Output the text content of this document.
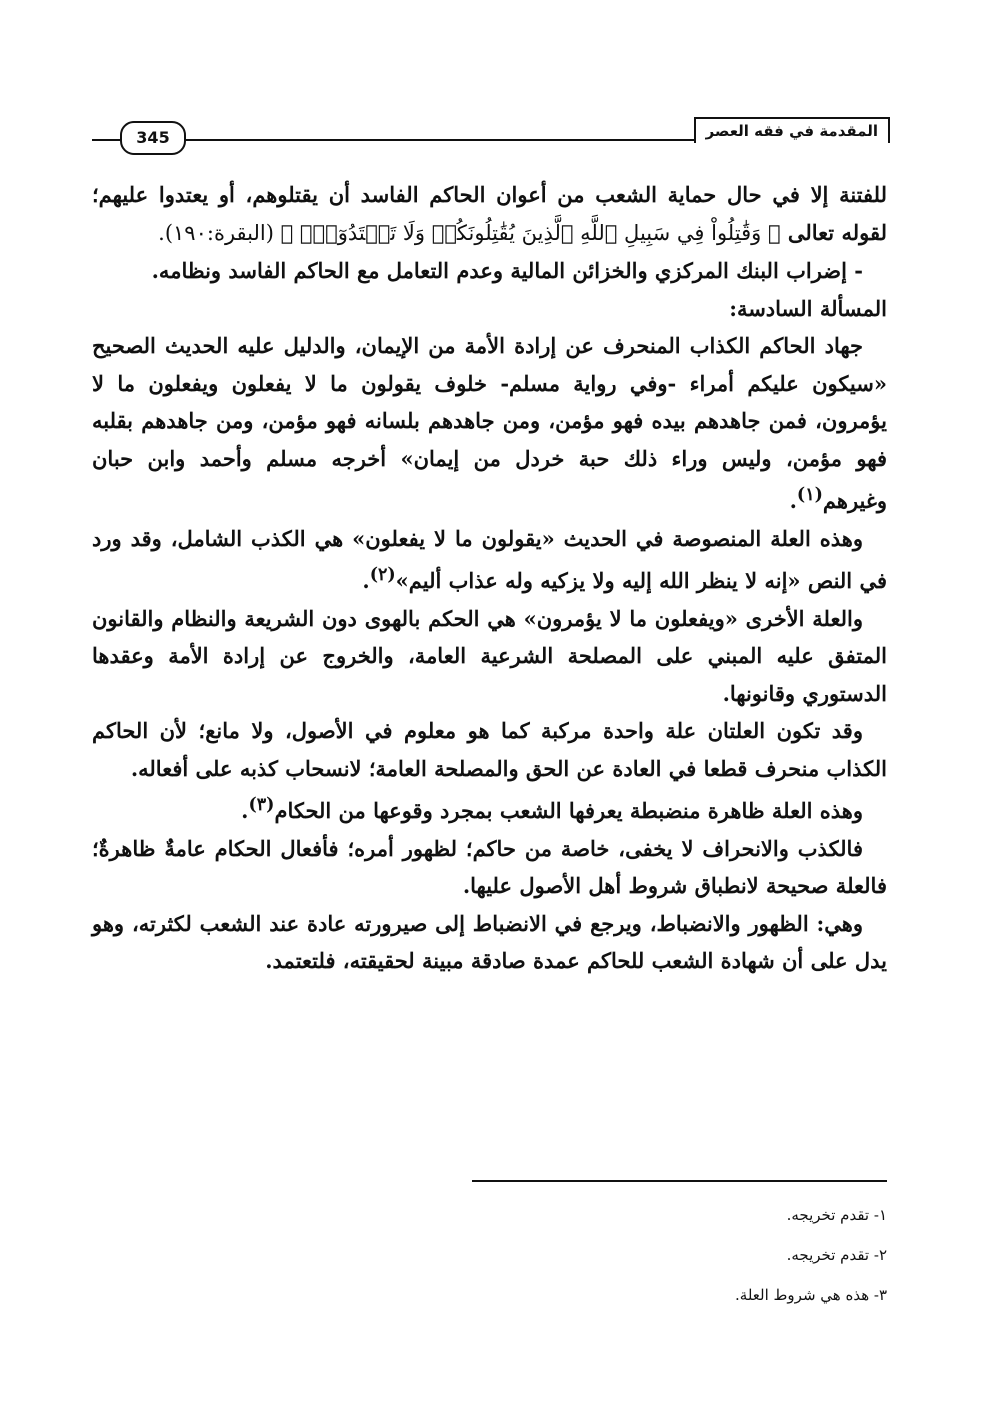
المقدمة في فقه العصر
345

للفتنة إلا في حال حماية الشعب من أعوان الحاكم الفاسد أن يقتلوهم، أو يعتدوا عليهم؛ لقوله تعالى ﴿ وَقَٰتِلُواْ فِي سَبِيلِ ٱللَّهِ ٱلَّذِينَ يُقَٰتِلُونَكُمۡ وَلَا تَعۡتَدُوٓاْۚ ﴾ (البقرة:١٩٠).

- إضراب البنك المركزي والخزائن المالية وعدم التعامل مع الحاكم الفاسد ونظامه.

المسألة السادسة:

جهاد الحاكم الكذاب المنحرف عن إرادة الأمة من الإيمان، والدليل عليه الحديث الصحيح «سيكون عليكم أمراء -وفي رواية مسلم- خلوف يقولون ما لا يفعلون ويفعلون ما لا يؤمرون، فمن جاهدهم بيده فهو مؤمن، ومن جاهدهم بلسانه فهو مؤمن، ومن جاهدهم بقلبه فهو مؤمن، وليس وراء ذلك حبة خردل من إيمان» أخرجه مسلم وأحمد وابن حبان وغيرهم$^{(١)}$.

وهذه العلة المنصوصة في الحديث «يقولون ما لا يفعلون» هي الكذب الشامل، وقد ورد في النص «إنه لا ينظر الله إليه ولا يزكيه وله عذاب أليم»$^{(٢)}$.

والعلة الأخرى «ويفعلون ما لا يؤمرون» هي الحكم بالهوى دون الشريعة والنظام والقانون المتفق عليه المبني على المصلحة الشرعية العامة، والخروج عن إرادة الأمة وعقدها الدستوري وقانونها.

وقد تكون العلتان علة واحدة مركبة كما هو معلوم في الأصول، ولا مانع؛ لأن الحاكم الكذاب منحرف قطعا في العادة عن الحق والمصلحة العامة؛ لانسحاب كذبه على أفعاله.

وهذه العلة ظاهرة منضبطة يعرفها الشعب بمجرد وقوعها من الحكام$^{(٣)}$.

فالكذب والانحراف لا يخفى، خاصة من حاكم؛ لظهور أمره؛ فأفعال الحكام عامةٌ ظاهرةٌ؛ فالعلة صحيحة لانطباق شروط أهل الأصول عليها.

وهي: الظهور والانضباط، ويرجع في الانضباط إلى صيرورته عادة عند الشعب لكثرته، وهو يدل على أن شهادة الشعب للحاكم عمدة صادقة مبينة لحقيقته، فلتعتمد.

١- تقدم تخريجه.
٢- تقدم تخريجه.
٣- هذه هي شروط العلة.
